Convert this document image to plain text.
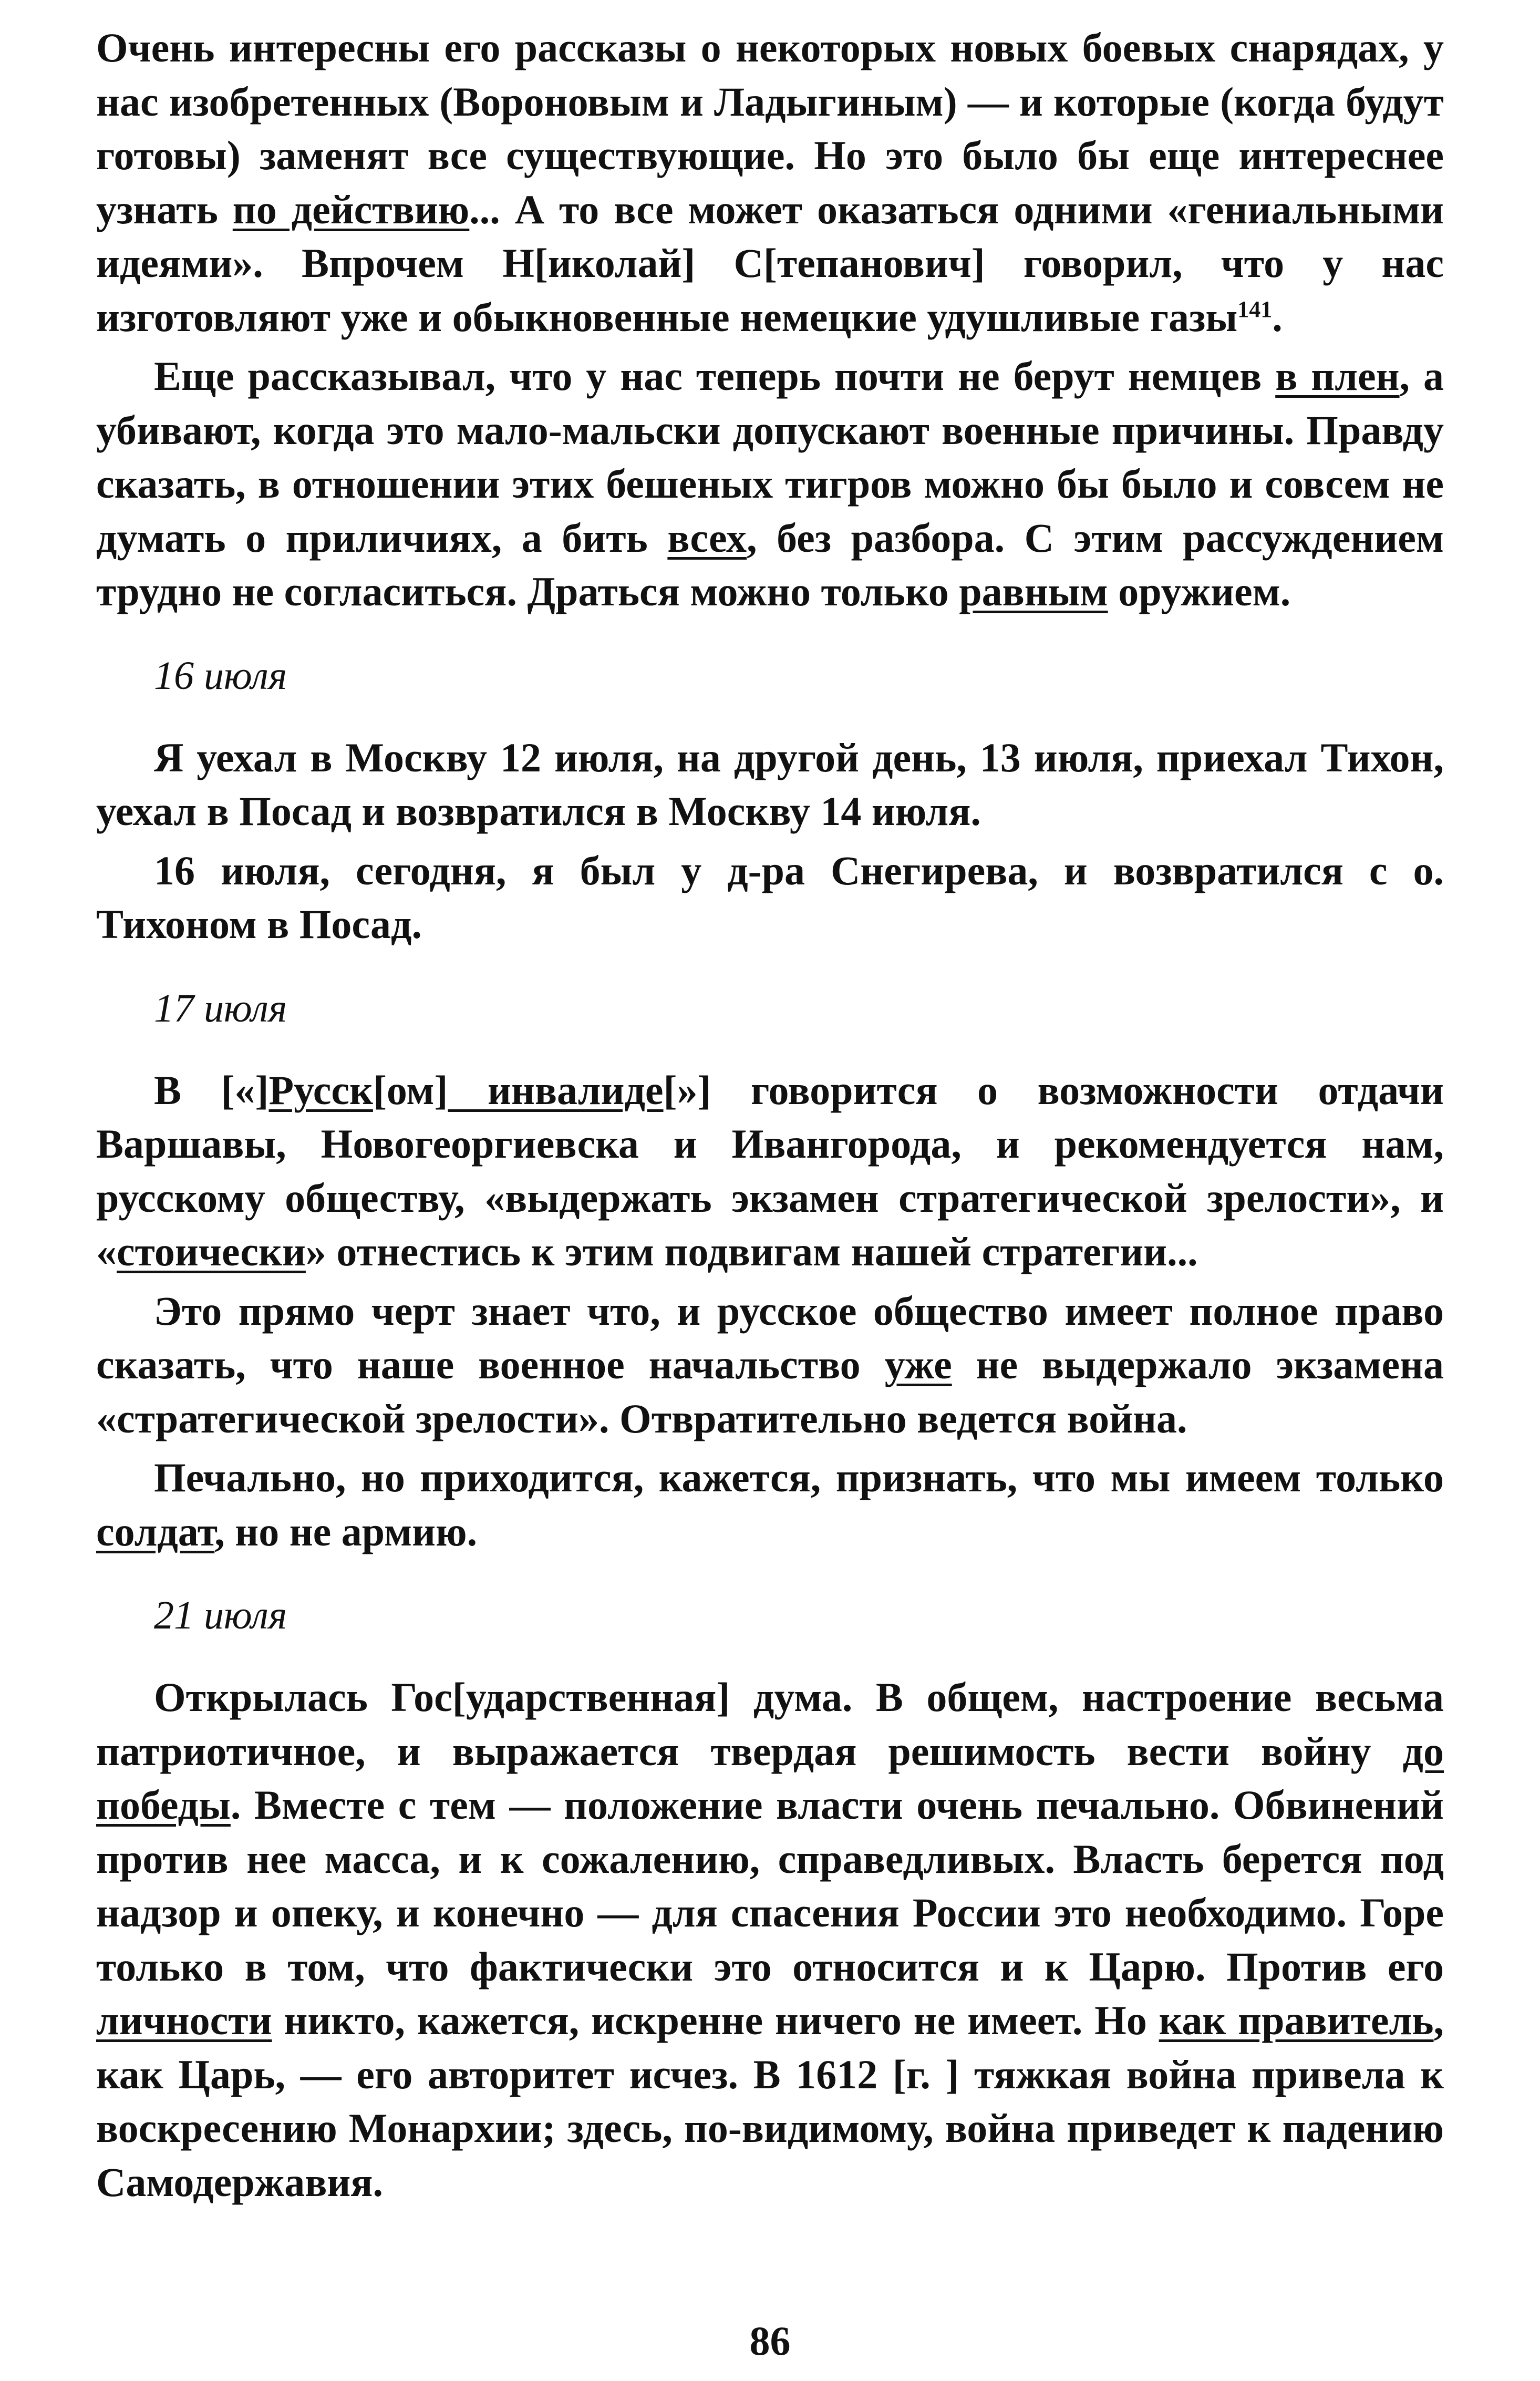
Очень интересны его рассказы о некоторых новых боевых снарядах, у нас изобретенных (Вороновым и Ладыгиным) — и которые (когда будут готовы) заменят все существующие. Но это было бы еще интереснее узнать по действию... А то все может оказаться одними «гениальными идеями». Впрочем Н[иколай] С[тепанович] говорил, что у нас изготовляют уже и обыкновенные немецкие удушливые газы$^{141}$.

Еще рассказывал, что у нас теперь почти не берут немцев в плен, а убивают, когда это мало-мальски допускают военные причины. Правду сказать, в отношении этих бешеных тигров можно бы было и совсем не думать о приличиях, а бить всех, без разбора. С этим рассуждением трудно не согласиться. Драться можно только равным оружием.

16 июля

Я уехал в Москву 12 июля, на другой день, 13 июля, приехал Тихон, уехал в Посад и возвратился в Москву 14 июля.

16 июля, сегодня, я был у д-ра Снегирева, и возвратился с о. Тихоном в Посад.

17 июля

В [«]Русск[ом] инвалиде[»] говорится о возможности отдачи Варшавы, Новогеоргиевска и Ивангорода, и рекомендуется нам, русскому обществу, «выдержать экзамен стратегической зрелости», и «стоически» отнестись к этим подвигам нашей стратегии...

Это прямо черт знает что, и русское общество имеет полное право сказать, что наше военное начальство уже не выдержало экзамена «стратегической зрелости». Отвратительно ведется война.

Печально, но приходится, кажется, признать, что мы имеем только солдат, но не армию.

21 июля

Открылась Гос[ударственная] дума. В общем, настроение весьма патриотичное, и выражается твердая решимость вести войну до победы. Вместе с тем — положение власти очень печально. Обвинений против нее масса, и к сожалению, справедливых. Власть берется под надзор и опеку, и конечно — для спасения России это необходимо. Горе только в том, что фактически это относится и к Царю. Против его личности никто, кажется, искренне ничего не имеет. Но как правитель, как Царь, — его авторитет исчез. В 1612 [г. ] тяжкая война привела к воскресению Монархии; здесь, по-видимому, война приведет к падению Самодержавия.

86
